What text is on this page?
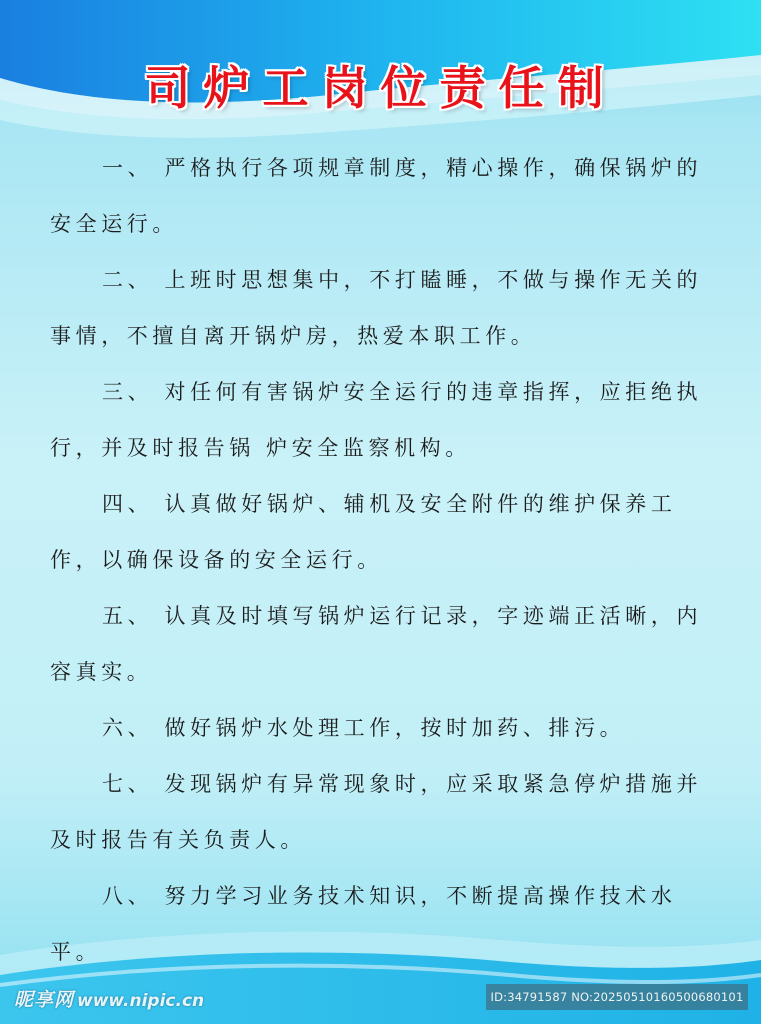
司炉工岗位责任制

一、 严格执行各项规章制度，精心操作，确保锅炉的安全运行。

二、 上班时思想集中，不打瞌睡，不做与操作无关的事情，不擅自离开锅炉房，热爱本职工作。

三、 对任何有害锅炉安全运行的违章指挥，应拒绝执行，并及时报告锅 炉安全监察机构。

四、 认真做好锅炉、辅机及安全附件的维护保养工作，以确保设备的安全运行。

五、 认真及时填写锅炉运行记录，字迹端正活晰，内容真实。

六、 做好锅炉水处理工作，按时加药、排污。

七、 发现锅炉有异常现象时，应采取紧急停炉措施并及时报告有关负责人。

八、 努力学习业务技术知识，不断提高操作技术水平。

昵享网 www.nipic.cn	ID:34791587 NO:20250510160500680101
